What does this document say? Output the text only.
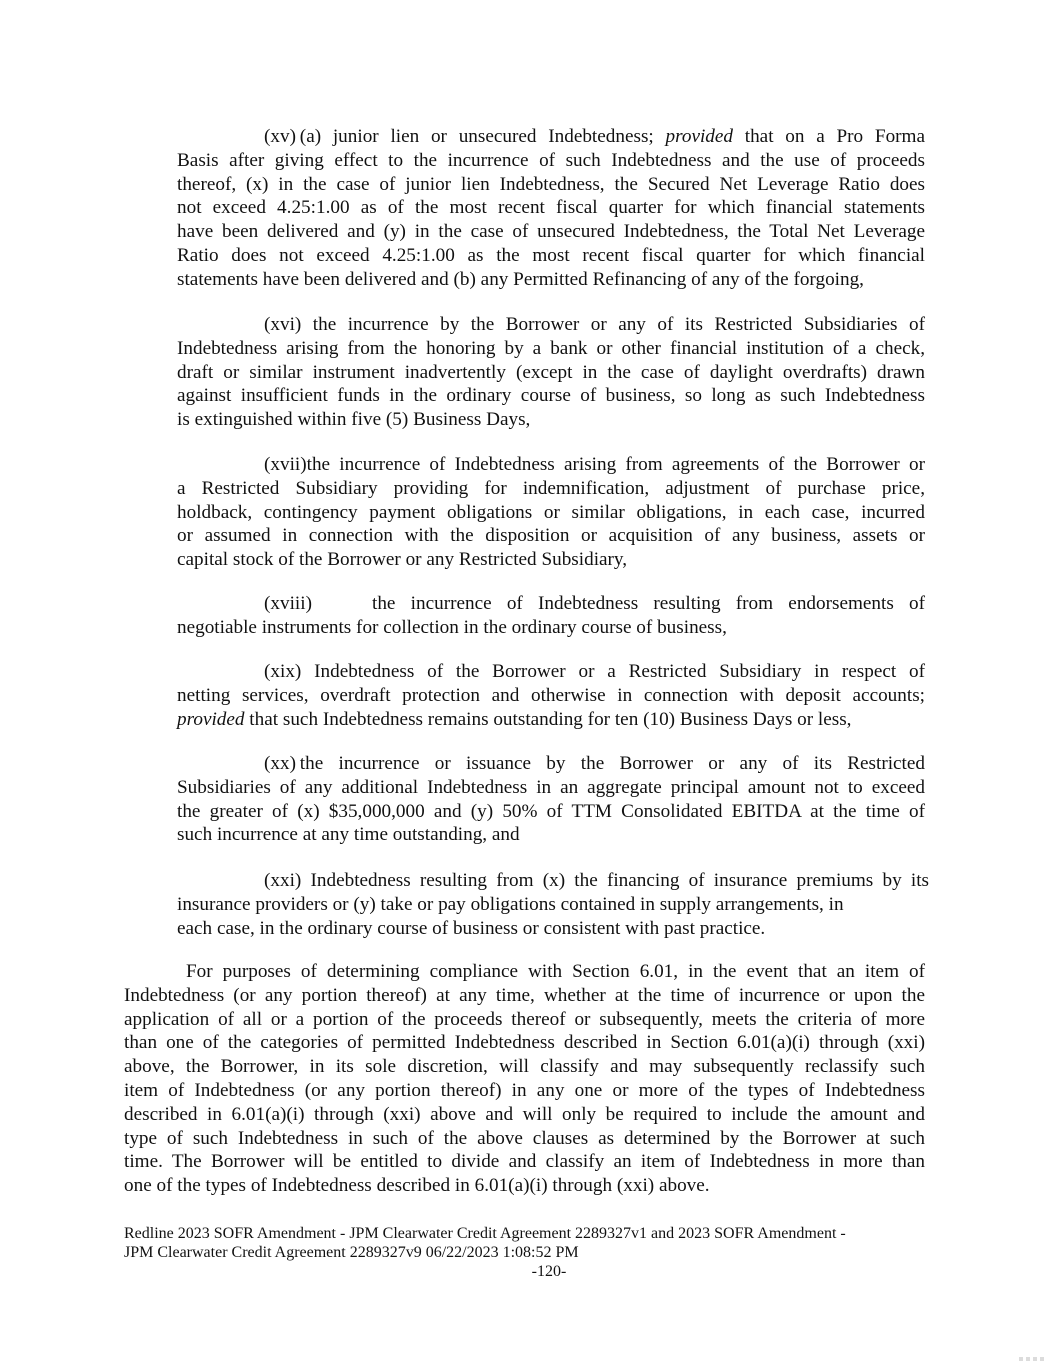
(xv) (a) junior lien or unsecured Indebtedness; provided that on a Pro Forma
Basis after giving effect to the incurrence of such Indebtedness and the use of proceeds
thereof, (x) in the case of junior lien Indebtedness, the Secured Net Leverage Ratio does
not exceed 4.25:1.00 as of the most recent fiscal quarter for which financial statements
have been delivered and (y) in the case of unsecured Indebtedness, the Total Net Leverage
Ratio does not exceed 4.25:1.00 as the most recent fiscal quarter for which financial
statements have been delivered and (b) any Permitted Refinancing of any of the forgoing,
(xvi) the incurrence by the Borrower or any of its Restricted Subsidiaries of
Indebtedness arising from the honoring by a bank or other financial institution of a check,
draft or similar instrument inadvertently (except in the case of daylight overdrafts) drawn
against insufficient funds in the ordinary course of business, so long as such Indebtedness
is extinguished within five (5) Business Days,
(xvii)the incurrence of Indebtedness arising from agreements of the Borrower or
a Restricted Subsidiary providing for indemnification, adjustment of purchase price,
holdback, contingency payment obligations or similar obligations, in each case, incurred
or assumed in connection with the disposition or acquisition of any business, assets or
capital stock of the Borrower or any Restricted Subsidiary,
(xviii)	the incurrence of Indebtedness resulting from endorsements of
negotiable instruments for collection in the ordinary course of business,
(xix) Indebtedness of the Borrower or a Restricted Subsidiary in respect of
netting services, overdraft protection and otherwise in connection with deposit accounts;
provided that such Indebtedness remains outstanding for ten (10) Business Days or less,
(xx) the incurrence or issuance by the Borrower or any of its Restricted
Subsidiaries of any additional Indebtedness in an aggregate principal amount not to exceed
the greater of (x) $35,000,000 and (y) 50% of TTM Consolidated EBITDA at the time of
such incurrence at any time outstanding, and
(xxi) Indebtedness resulting from (x) the financing of insurance premiums by its
insurance providers or (y) take or pay obligations contained in supply arrangements, in
each case, in the ordinary course of business or consistent with past practice.
For purposes of determining compliance with Section 6.01, in the event that an item of
Indebtedness (or any portion thereof) at any time, whether at the time of incurrence or upon the
application of all or a portion of the proceeds thereof or subsequently, meets the criteria of more
than one of the categories of permitted Indebtedness described in Section 6.01(a)(i) through (xxi)
above, the Borrower, in its sole discretion, will classify and may subsequently reclassify such
item of Indebtedness (or any portion thereof) in any one or more of the types of Indebtedness
described in 6.01(a)(i) through (xxi) above and will only be required to include the amount and
type of such Indebtedness in such of the above clauses as determined by the Borrower at such
time. The Borrower will be entitled to divide and classify an item of Indebtedness in more than
one of the types of Indebtedness described in 6.01(a)(i) through (xxi) above.
Redline 2023 SOFR Amendment - JPM Clearwater Credit Agreement 2289327v1 and 2023 SOFR Amendment -
JPM Clearwater Credit Agreement 2289327v9 06/22/2023 1:08:52 PM
-120-
